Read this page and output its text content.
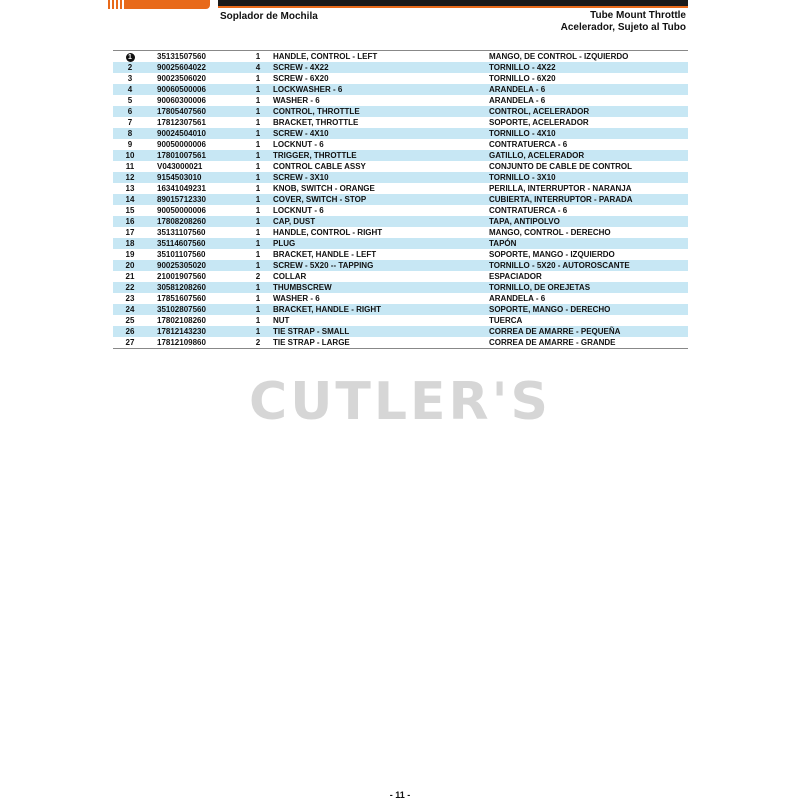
Soplador de Mochila	Tube Mount Throttle
Acelerador, Sujeto al Tubo
1	35131507560	1	HANDLE, CONTROL - LEFT	MANGO, DE CONTROL - IZQUIERDO
2	90025604022	4	SCREW - 4X22	TORNILLO - 4X22
3	90023506020	1	SCREW - 6X20	TORNILLO - 6X20
4	90060500006	1	LOCKWASHER - 6	ARANDELA - 6
5	90060300006	1	WASHER - 6	ARANDELA - 6
6	17805407560	1	CONTROL, THROTTLE	CONTROL, ACELERADOR
7	17812307561	1	BRACKET, THROTTLE	SOPORTE, ACELERADOR
8	90024504010	1	SCREW - 4X10	TORNILLO - 4X10
9	90050000006	1	LOCKNUT - 6	CONTRATUERCA - 6
10	17801007561	1	TRIGGER, THROTTLE	GATILLO, ACELERADOR
11	V043000021	1	CONTROL CABLE ASSY	CONJUNTO DE CABLE DE CONTROL
12	9154503010	1	SCREW - 3X10	TORNILLO - 3X10
13	16341049231	1	KNOB, SWITCH - ORANGE	PERILLA, INTERRUPTOR - NARANJA
14	89015712330	1	COVER, SWITCH - STOP	CUBIERTA, INTERRUPTOR - PARADA
15	90050000006	1	LOCKNUT - 6	CONTRATUERCA - 6
16	17808208260	1	CAP, DUST	TAPA, ANTIPOLVO
17	35131107560	1	HANDLE, CONTROL - RIGHT	MANGO, CONTROL - DERECHO
18	35114607560	1	PLUG	TAPÓN
19	35101107560	1	BRACKET, HANDLE - LEFT	SOPORTE, MANGO - IZQUIERDO
20	90025305020	1	SCREW - 5X20 -- TAPPING	TORNILLO - 5X20 - AUTOROSCANTE
21	21001907560	2	COLLAR	ESPACIADOR
22	30581208260	1	THUMBSCREW	TORNILLO, DE OREJETAS
23	17851607560	1	WASHER - 6	ARANDELA - 6
24	35102807560	1	BRACKET, HANDLE - RIGHT	SOPORTE, MANGO - DERECHO
25	17802108260	1	NUT	TUERCA
26	17812143230	1	TIE STRAP - SMALL	CORREA DE AMARRE - PEQUEÑA
27	17812109860	2	TIE STRAP - LARGE	CORREA DE AMARRE - GRANDE
CUTLER'S
- 11 -
